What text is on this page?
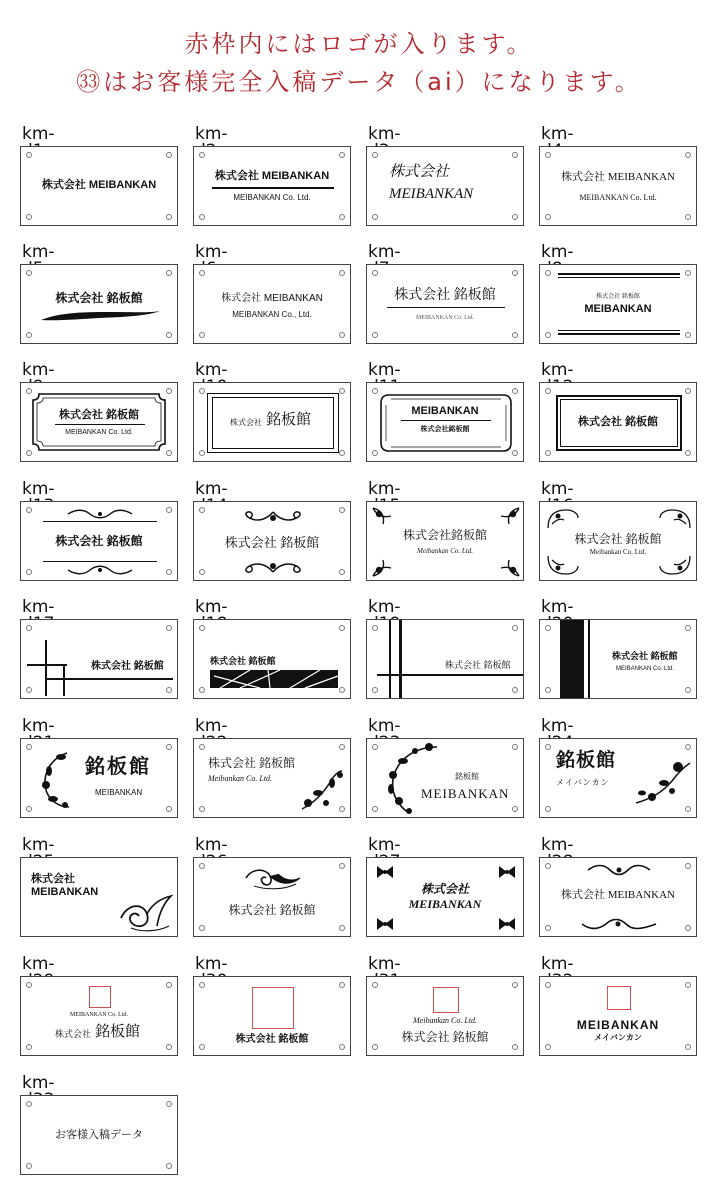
赤枠内にはロゴが入ります。
㉝はお客様完全入稿データ（ai）になります。
km-
株式会社 MEIBANKAN
km-
株式会社 MEIBANKAN
MEIBANKAN Co. Ltd.
km-
株式会社
MEIBANKAN
km-
株式会社 MEIBANKAN
MEIBANKAN Co. Ltd.
km-
株式会社 銘板館
km-
株式会社 MEIBANKAN
MEIBANKAN Co., Ltd.
km-
株式会社 銘板館
MEIBANKAN Co. Ltd.
km-
株式会社 銘板館
MEIBANKAN
km-
株式会社 銘板館
MEIBANKAN Co. Ltd.
km-
株式会社 銘板館
km-
MEIBANKAN
株式会社銘板館
km-
株式会社 銘板館
km-
株式会社 銘板館
km-
株式会社 銘板館
km-
株式会社銘板館
Meibankan Co. Ltd.
km-
株式会社 銘板館
Meibankan Co. Ltd.
km-
株式会社 銘板館
km-
株式会社 銘板館
km-
株式会社 銘板館
km-
株式会社 銘板館
MEIBANKAN Co. Ltd.
km-
銘板館
MEIBANKAN
km-
株式会社 銘板館
Meibankan Co. Ltd.
km-
銘板館
MEIBANKAN
km-
銘板館
メイバンカン
km-
株式会社
MEIBANKAN
km-
株式会社 銘板館
km-
株式会社
MEIBANKAN
km-
株式会社 MEIBANKAN
km-
MEIBANKAN Co. Ltd.
株式会社 銘板館
km-
株式会社 銘板館
km-
Meibankan Co. Ltd.
株式会社 銘板館
km-
MEIBANKAN
メイバンカン
km-
お客様入稿データ
